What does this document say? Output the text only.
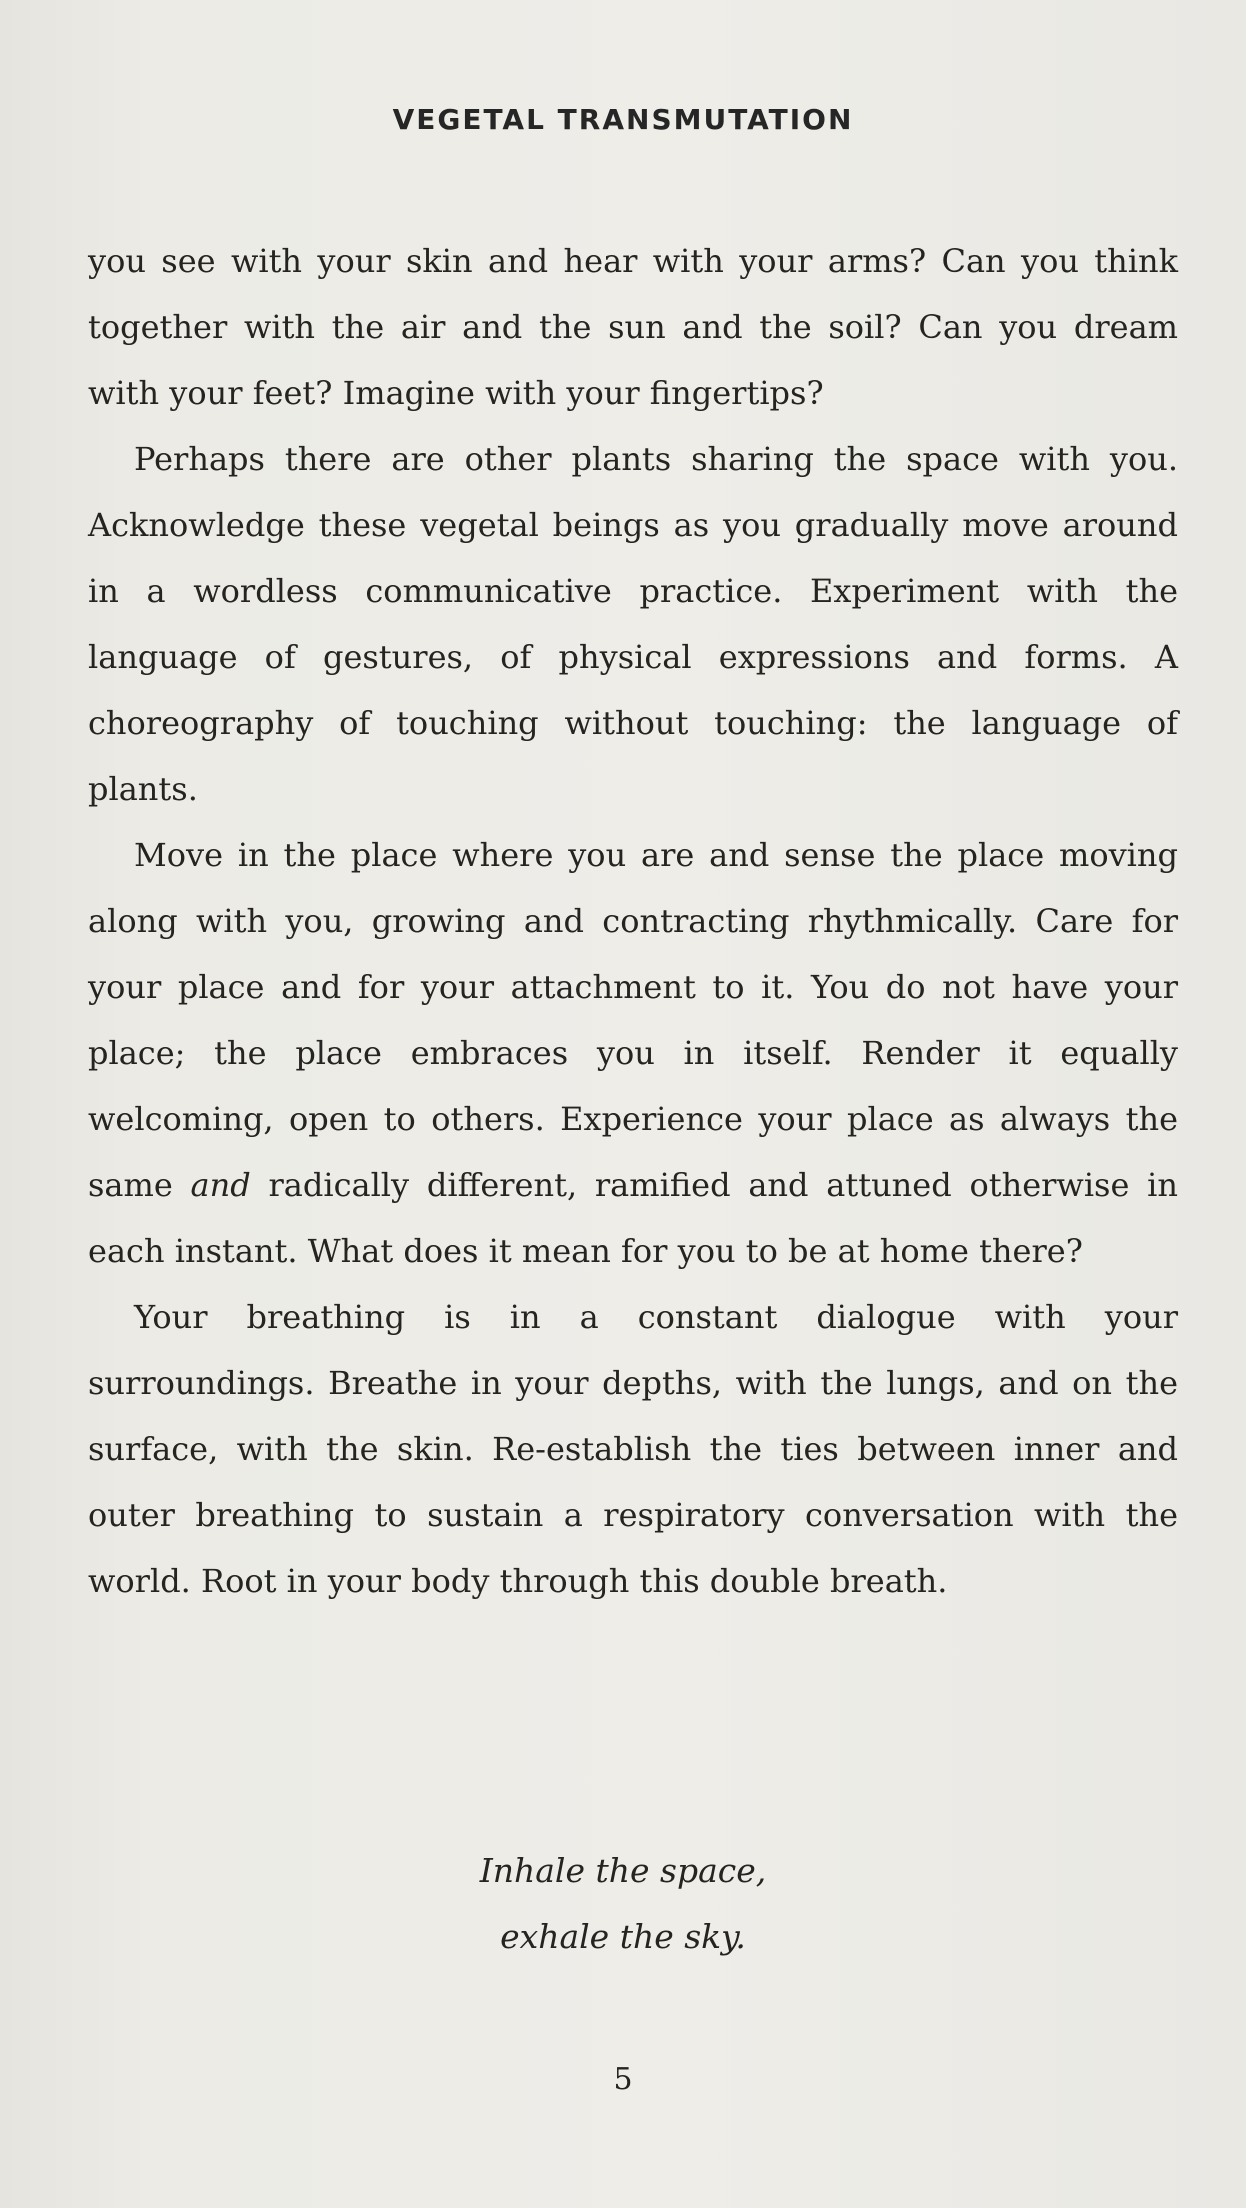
VEGETAL TRANSMUTATION

you see with your skin and hear with your arms? Can you think together with the air and the sun and the soil? Can you dream with your feet? Imagine with your fingertips?

Perhaps there are other plants sharing the space with you. Acknowledge these vegetal beings as you gradually move around in a wordless communicative practice. Experiment with the language of gestures, of physical expressions and forms. A choreography of touching without touching: the language of plants.

Move in the place where you are and sense the place moving along with you, growing and contracting rhythmically. Care for your place and for your attachment to it. You do not have your place; the place embraces you in itself. Render it equally welcoming, open to others. Experience your place as always the same and radically different, ramified and attuned otherwise in each instant. What does it mean for you to be at home there?

Your breathing is in a constant dialogue with your surroundings. Breathe in your depths, with the lungs, and on the surface, with the skin. Re-establish the ties between inner and outer breathing to sustain a respiratory conversation with the world. Root in your body through this double breath.

Inhale the space,
exhale the sky.
5
